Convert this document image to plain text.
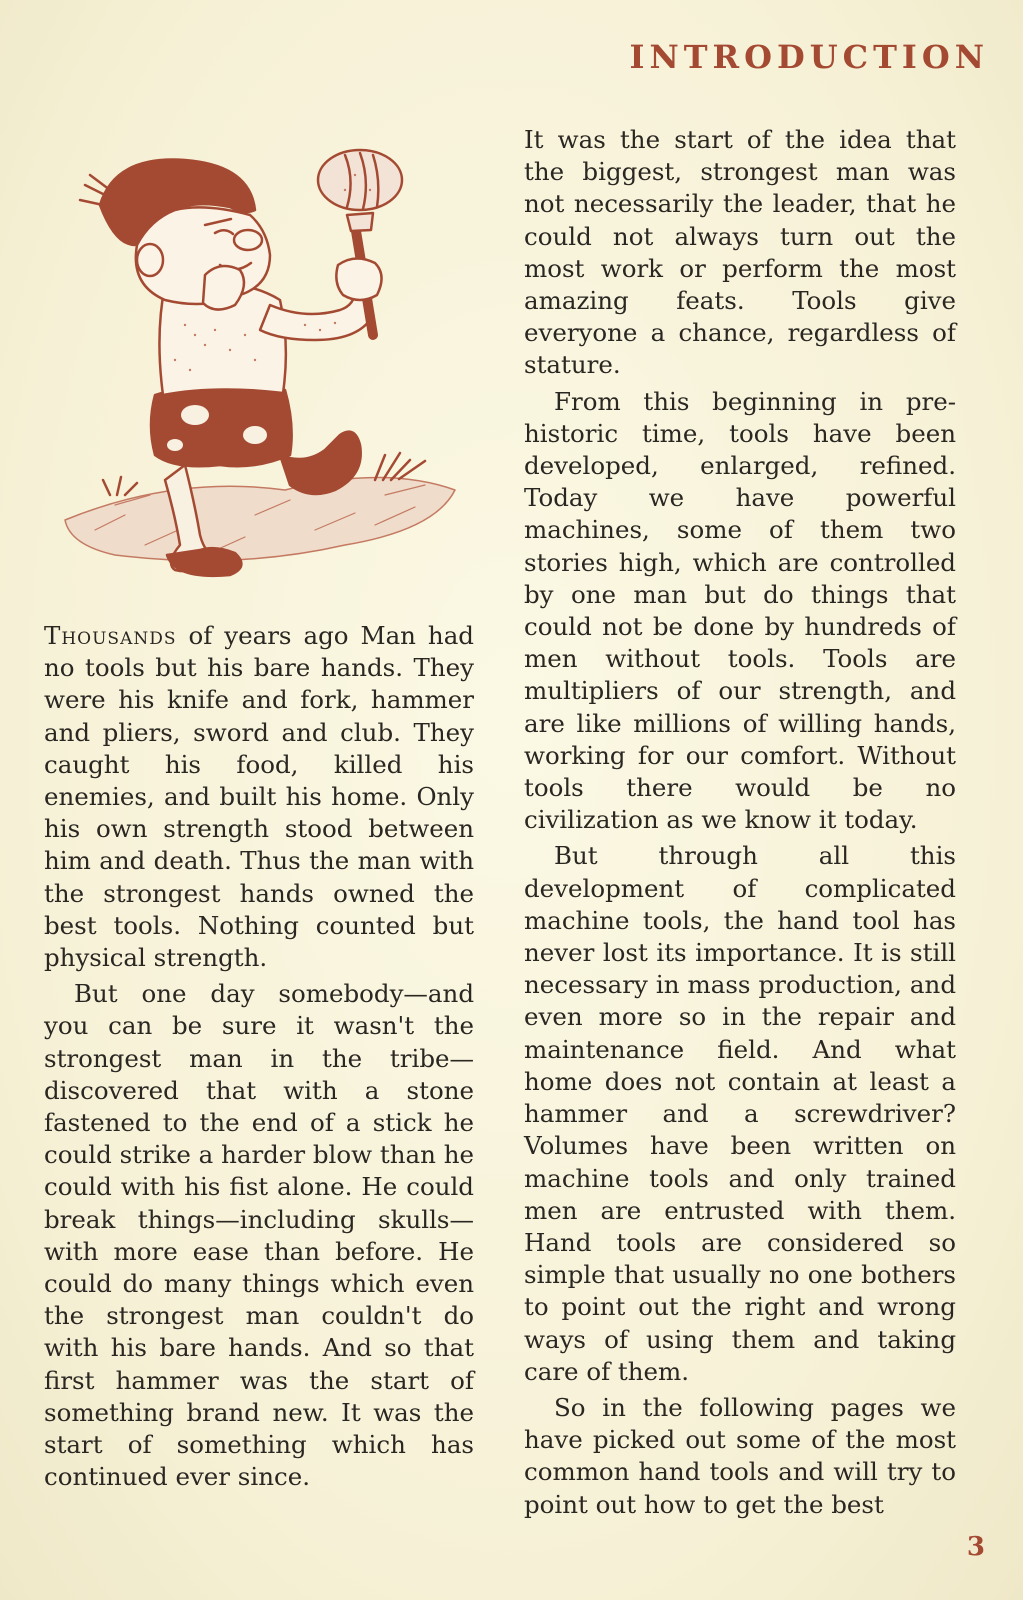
INTRODUCTION

Thousands of years ago Man had no tools but his bare hands. They were his knife and fork, hammer and pliers, sword and club. They caught his food, killed his enemies, and built his home. Only his own strength stood between him and death. Thus the man with the strongest hands owned the best tools. Nothing counted but physical strength.

But one day somebody—and you can be sure it wasn't the strongest man in the tribe—discovered that with a stone fastened to the end of a stick he could strike a harder blow than he could with his fist alone. He could break things—including skulls—with more ease than before. He could do many things which even the strongest man couldn't do with his bare hands. And so that first hammer was the start of something brand new. It was the start of something which has continued ever since.

It was the start of the idea that the biggest, strongest man was not necessarily the leader, that he could not always turn out the most work or perform the most amazing feats. Tools give everyone a chance, regardless of stature.

From this beginning in pre-historic time, tools have been developed, enlarged, refined. Today we have powerful machines, some of them two stories high, which are controlled by one man but do things that could not be done by hundreds of men without tools. Tools are multipliers of our strength, and are like millions of willing hands, working for our comfort. Without tools there would be no civilization as we know it today.

But through all this development of complicated machine tools, the hand tool has never lost its importance. It is still necessary in mass production, and even more so in the repair and maintenance field. And what home does not contain at least a hammer and a screwdriver? Volumes have been written on machine tools and only trained men are entrusted with them. Hand tools are considered so simple that usually no one bothers to point out the right and wrong ways of using them and taking care of them.

So in the following pages we have picked out some of the most common hand tools and will try to point out how to get the best

3
